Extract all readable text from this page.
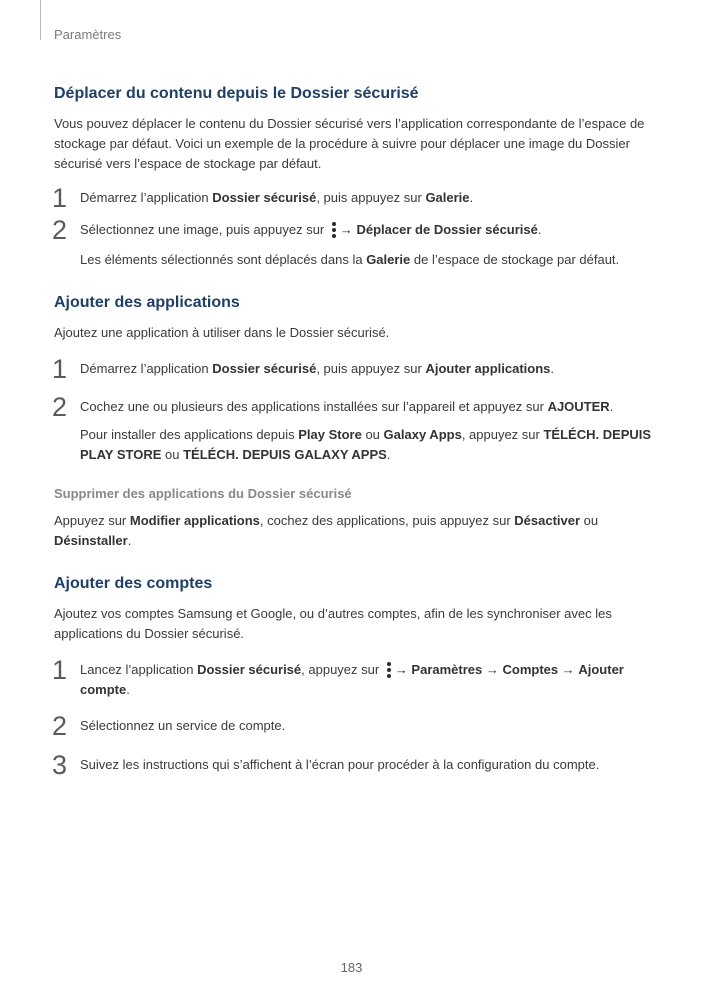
Paramètres
Déplacer du contenu depuis le Dossier sécurisé

Vous pouvez déplacer le contenu du Dossier sécurisé vers l’application correspondante de l’espace de stockage par défaut. Voici un exemple de la procédure à suivre pour déplacer une image du Dossier sécurisé vers l’espace de stockage par défaut.

1 Démarrez l’application Dossier sécurisé, puis appuyez sur Galerie.

2 Sélectionnez une image, puis appuyez sur
→ Déplacer de Dossier sécurisé.

Les éléments sélectionnés sont déplacés dans la Galerie de l’espace de stockage par défaut.

Ajouter des applications

Ajoutez une application à utiliser dans le Dossier sécurisé.

1 Démarrez l’application Dossier sécurisé, puis appuyez sur Ajouter applications.

2 Cochez une ou plusieurs des applications installées sur l’appareil et appuyez sur AJOUTER.

Pour installer des applications depuis Play Store ou Galaxy Apps, appuyez sur TÉLÉCH. DEPUIS PLAY STORE ou TÉLÉCH. DEPUIS GALAXY APPS.

Supprimer des applications du Dossier sécurisé

Appuyez sur Modifier applications, cochez des applications, puis appuyez sur Désactiver ou Désinstaller.

Ajouter des comptes

Ajoutez vos comptes Samsung et Google, ou d’autres comptes, afin de les synchroniser avec les applications du Dossier sécurisé.

1 Lancez l’application Dossier sécurisé, appuyez sur
→ Paramètres → Comptes → Ajouter compte.

2 Sélectionnez un service de compte.

3 Suivez les instructions qui s’affichent à l’écran pour procéder à la configuration du compte.

183
